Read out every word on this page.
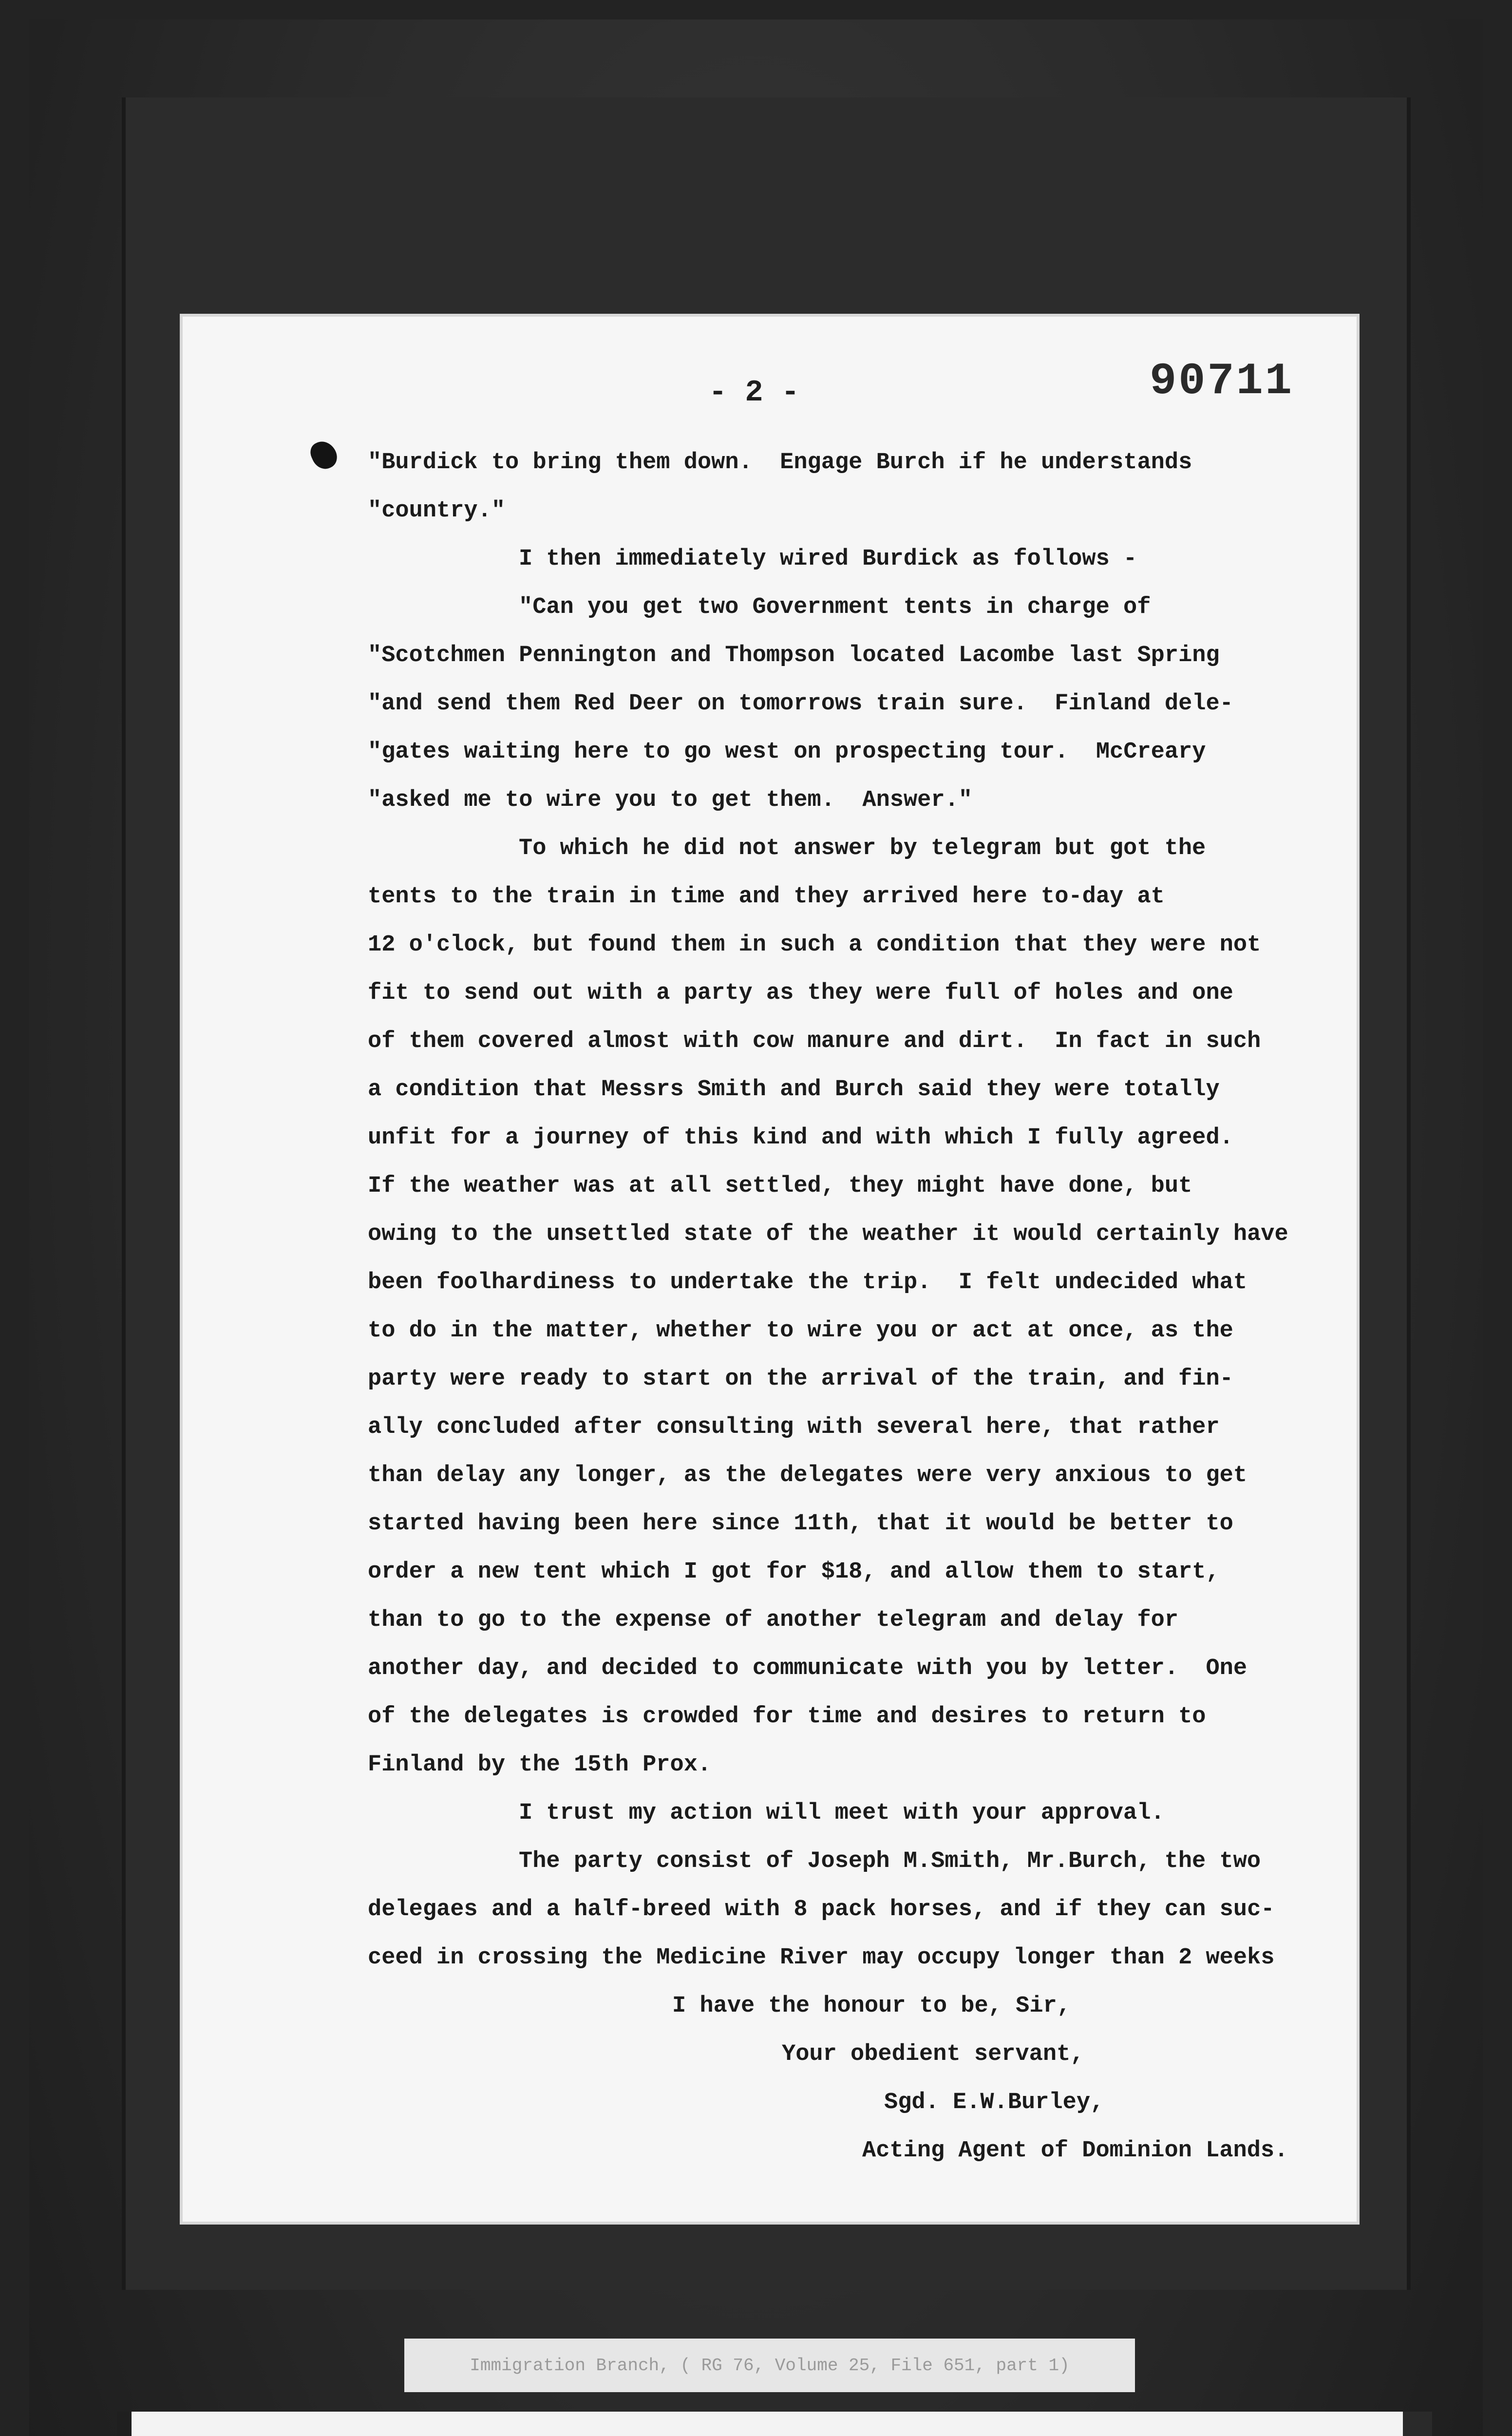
- 2 -	90711
"Burdick to bring them down.  Engage Burch if he understands
"country."
I then immediately wired Burdick as follows -
"Can you get two Government tents in charge of
"Scotchmen Pennington and Thompson located Lacombe last Spring
"and send them Red Deer on tomorrows train sure.  Finland dele-
"gates waiting here to go west on prospecting tour.  McCreary
"asked me to wire you to get them.  Answer."
To which he did not answer by telegram but got the
tents to the train in time and they arrived here to-day at
12 o'clock, but found them in such a condition that they were not
fit to send out with a party as they were full of holes and one
of them covered almost with cow manure and dirt.  In fact in such
a condition that Messrs Smith and Burch said they were totally
unfit for a journey of this kind and with which I fully agreed.
If the weather was at all settled, they might have done, but
owing to the unsettled state of the weather it would certainly have
been foolhardiness to undertake the trip.  I felt undecided what
to do in the matter, whether to wire you or act at once, as the
party were ready to start on the arrival of the train, and fin-
ally concluded after consulting with several here, that rather
than delay any longer, as the delegates were very anxious to get
started having been here since 11th, that it would be better to
order a new tent which I got for $18, and allow them to start,
than to go to the expense of another telegram and delay for
another day, and decided to communicate with you by letter.  One
of the delegates is crowded for time and desires to return to
Finland by the 15th Prox.
I trust my action will meet with your approval.
The party consist of Joseph M.Smith, Mr.Burch, the two
delegaes and a half-breed with 8 pack horses, and if they can suc-
ceed in crossing the Medicine River may occupy longer than 2 weeks
I have the honour to be, Sir,
Your obedient servant,
Sgd. E.W.Burley,
Acting Agent of Dominion Lands.
Immigration Branch, ( RG 76, Volume 25, File 651, part 1)
